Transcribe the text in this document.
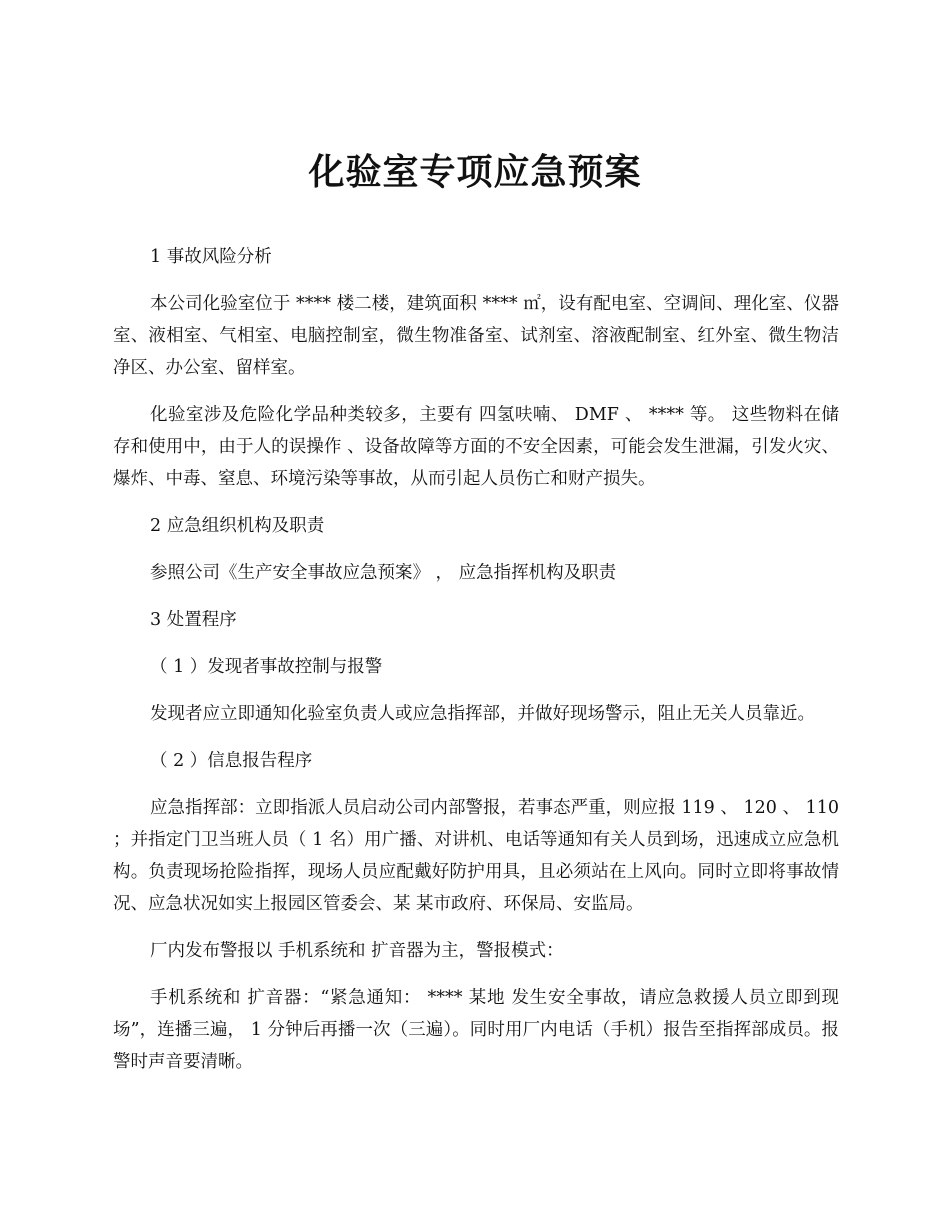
化验室专项应急预案

1 事故风险分析

本公司化验室位于 **** 楼二楼，建筑面积 **** ㎡，设有配电室、空调间、理化室、仪器室、液相室、气相室、电脑控制室，微生物准备室、试剂室、溶液配制室、红外室、微生物洁净区、办公室、留样室。

化验室涉及危险化学品种类较多，主要有 四氢呋喃、 DMF 、 **** 等。 这些物料在储存和使用中，由于人的误操作 、设备故障等方面的不安全因素，可能会发生泄漏，引发火灾、爆炸、中毒、窒息、环境污染等事故，从而引起人员伤亡和财产损失。

2 应急组织机构及职责

参照公司《生产安全事故应急预案》 ， 应急指挥机构及职责

3 处置程序

（ 1 ）发现者事故控制与报警

发现者应立即通知化验室负责人或应急指挥部，并做好现场警示，阻止无关人员靠近。

（ 2 ）信息报告程序

应急指挥部：立即指派人员启动公司内部警报，若事态严重，则应报 119 、 120 、 110 ；并指定门卫当班人员（ 1 名）用广播、对讲机、电话等通知有关人员到场，迅速成立应急机构。负责现场抢险指挥，现场人员应配戴好防护用具，且必须站在上风向。同时立即将事故情况、应急状况如实上报园区管委会、某 某市政府、环保局、安监局。

厂内发布警报以 手机系统和 扩音器为主，警报模式：

手机系统和 扩音器：“紧急通知： **** 某地 发生安全事故，请应急救援人员立即到现场”，连播三遍， 1 分钟后再播一次（三遍）。同时用厂内电话（手机）报告至指挥部成员。报警时声音要清晰。
